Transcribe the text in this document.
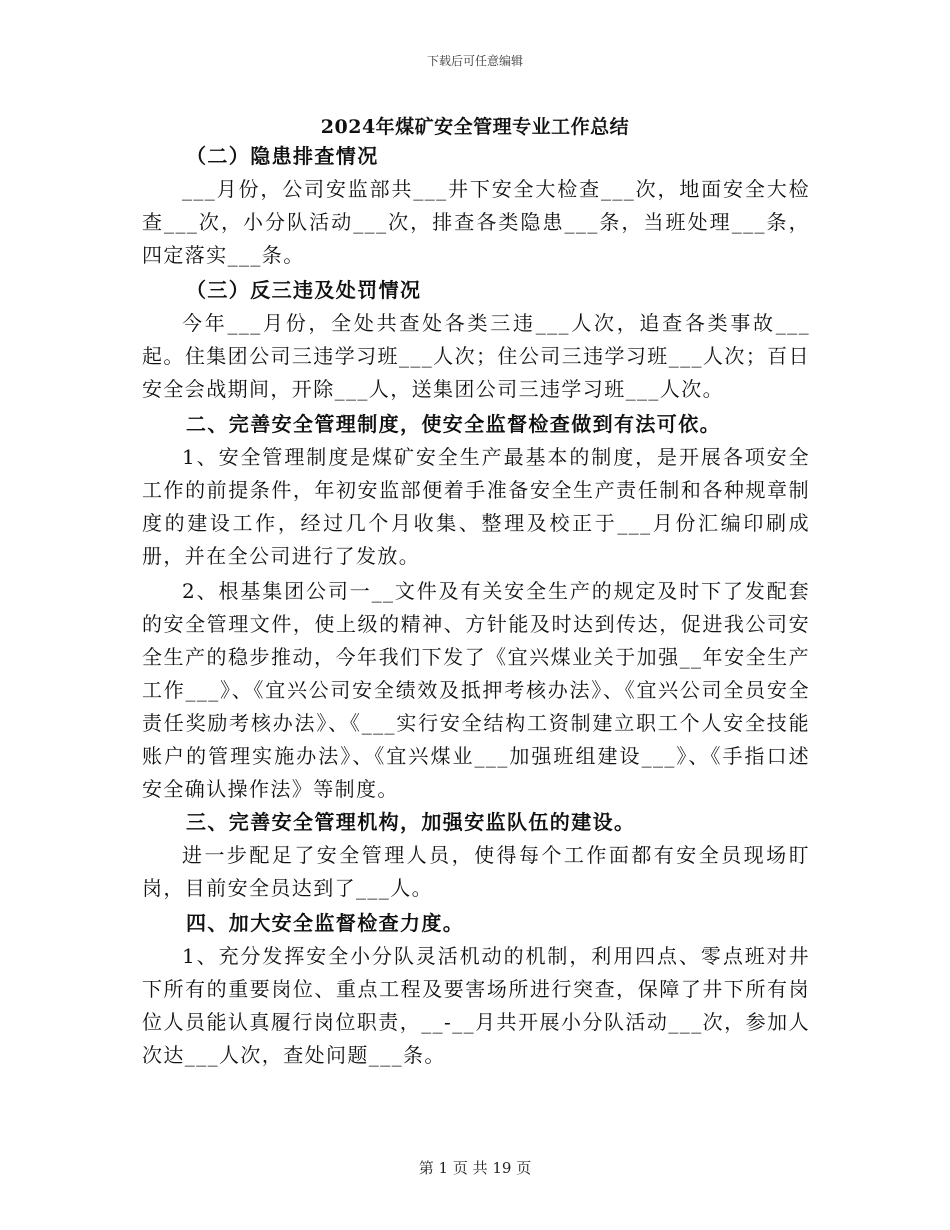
下载后可任意编辑
2024年煤矿安全管理专业工作总结

（二）隐患排查情况

___月份，公司安监部共___井下安全大检查___次，地面安全大检查___次，小分队活动___次，排查各类隐患___条，当班处理___条，四定落实___条。

（三）反三违及处罚情况

今年___月份，全处共查处各类三违___人次，追查各类事故___起。住集团公司三违学习班___人次；住公司三违学习班___人次；百日安全会战期间，开除___人，送集团公司三违学习班___人次。

二、完善安全管理制度，使安全监督检查做到有法可依。

1、安全管理制度是煤矿安全生产最基本的制度，是开展各项安全工作的前提条件，年初安监部便着手准备安全生产责任制和各种规章制度的建设工作，经过几个月收集、整理及校正于___月份汇编印刷成册，并在全公司进行了发放。

2、根基集团公司一__文件及有关安全生产的规定及时下了发配套的安全管理文件，使上级的精神、方针能及时达到传达，促进我公司安全生产的稳步推动，今年我们下发了《宜兴煤业关于加强__年安全生产工作___》、《宜兴公司安全绩效及抵押考核办法》、《宜兴公司全员安全责任奖励考核办法》、《___实行安全结构工资制建立职工个人安全技能账户的管理实施办法》、《宜兴煤业___加强班组建设___》、《手指口述安全确认操作法》等制度。

三、完善安全管理机构，加强安监队伍的建设。

进一步配足了安全管理人员，使得每个工作面都有安全员现场盯岗，目前安全员达到了___人。

四、加大安全监督检查力度。

1、充分发挥安全小分队灵活机动的机制，利用四点、零点班对井下所有的重要岗位、重点工程及要害场所进行突查，保障了井下所有岗位人员能认真履行岗位职责，__-__月共开展小分队活动___次，参加人次达___人次，查处问题___条。

第 1 页 共 19 页
